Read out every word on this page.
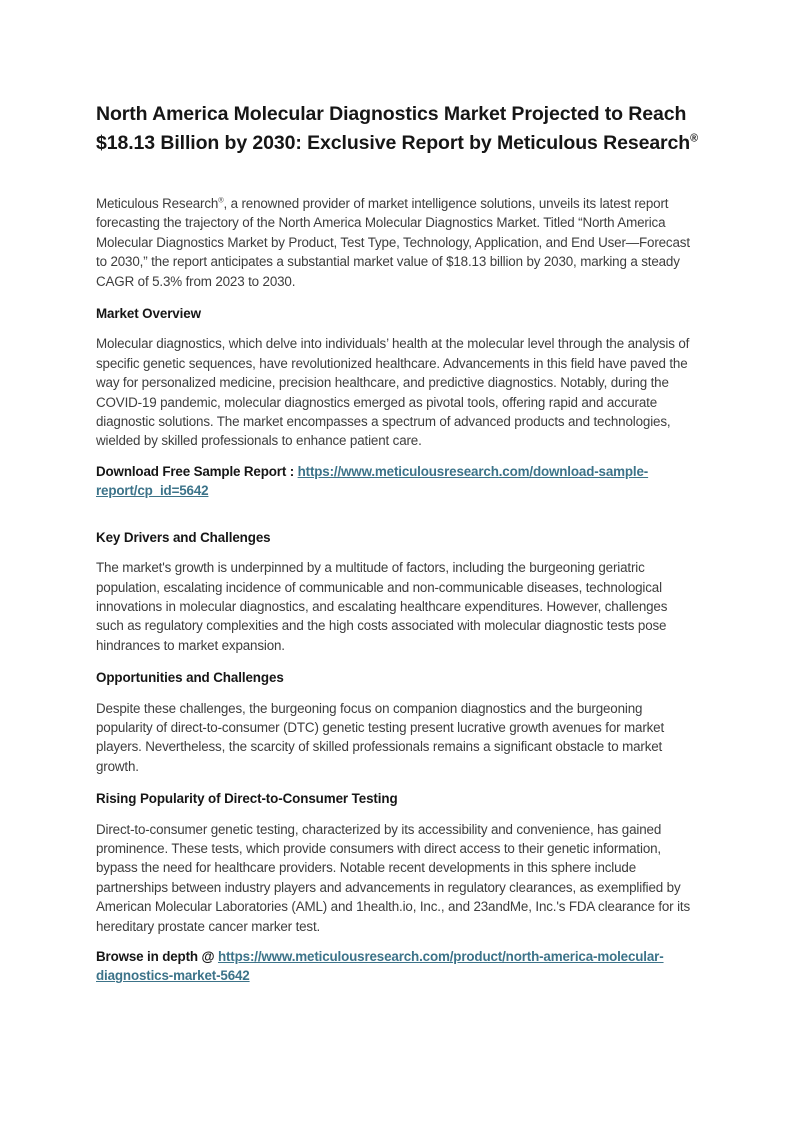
North America Molecular Diagnostics Market Projected to Reach $18.13 Billion by 2030: Exclusive Report by Meticulous Research®

Meticulous Research®, a renowned provider of market intelligence solutions, unveils its latest report forecasting the trajectory of the North America Molecular Diagnostics Market. Titled “North America Molecular Diagnostics Market by Product, Test Type, Technology, Application, and End User—Forecast to 2030,” the report anticipates a substantial market value of $18.13 billion by 2030, marking a steady CAGR of 5.3% from 2023 to 2030.

Market Overview

Molecular diagnostics, which delve into individuals’ health at the molecular level through the analysis of specific genetic sequences, have revolutionized healthcare. Advancements in this field have paved the way for personalized medicine, precision healthcare, and predictive diagnostics. Notably, during the COVID-19 pandemic, molecular diagnostics emerged as pivotal tools, offering rapid and accurate diagnostic solutions. The market encompasses a spectrum of advanced products and technologies, wielded by skilled professionals to enhance patient care.

Download Free Sample Report : https://www.meticulousresearch.com/download-sample-report/cp_id=5642

Key Drivers and Challenges

The market's growth is underpinned by a multitude of factors, including the burgeoning geriatric population, escalating incidence of communicable and non-communicable diseases, technological innovations in molecular diagnostics, and escalating healthcare expenditures. However, challenges such as regulatory complexities and the high costs associated with molecular diagnostic tests pose hindrances to market expansion.

Opportunities and Challenges

Despite these challenges, the burgeoning focus on companion diagnostics and the burgeoning popularity of direct-to-consumer (DTC) genetic testing present lucrative growth avenues for market players. Nevertheless, the scarcity of skilled professionals remains a significant obstacle to market growth.

Rising Popularity of Direct-to-Consumer Testing

Direct-to-consumer genetic testing, characterized by its accessibility and convenience, has gained prominence. These tests, which provide consumers with direct access to their genetic information, bypass the need for healthcare providers. Notable recent developments in this sphere include partnerships between industry players and advancements in regulatory clearances, as exemplified by American Molecular Laboratories (AML) and 1health.io, Inc., and 23andMe, Inc.'s FDA clearance for its hereditary prostate cancer marker test.

Browse in depth @ https://www.meticulousresearch.com/product/north-america-molecular-diagnostics-market-5642
